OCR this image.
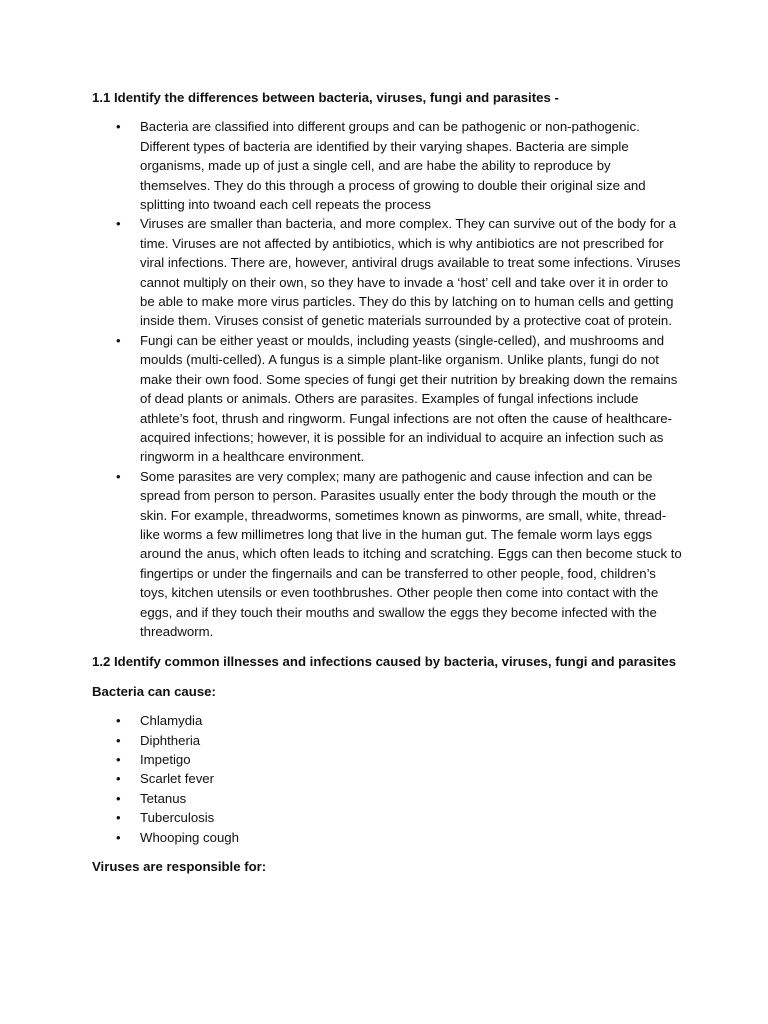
1.1 Identify the differences between bacteria, viruses, fungi and parasites -
•	Bacteria are classified into different groups and can be pathogenic or non-pathogenic. Different types of bacteria are identified by their varying shapes. Bacteria are simple organisms, made up of just a single cell, and are habe the ability to reproduce by themselves. They do this through a process of growing to double their original size and splitting into twoand each cell repeats the process
•	Viruses are smaller than bacteria, and more complex. They can survive out of the body for a time. Viruses are not affected by antibiotics, which is why antibiotics are not prescribed for viral infections. There are, however, antiviral drugs available to treat some infections. Viruses cannot multiply on their own, so they have to invade a ‘host’ cell and take over it in order to be able to make more virus particles. They do this by latching on to human cells and getting inside them. Viruses consist of genetic materials surrounded by a protective coat of protein.
•	Fungi can be either yeast or moulds, including yeasts (single-celled), and mushrooms and moulds (multi-celled). A fungus is a simple plant-like organism. Unlike plants, fungi do not make their own food. Some species of fungi get their nutrition by breaking down the remains of dead plants or animals. Others are parasites. Examples of fungal infections include athlete’s foot, thrush and ringworm. Fungal infections are not often the cause of healthcare-acquired infections; however, it is possible for an individual to acquire an infection such as ringworm in a healthcare environment.
•	Some parasites are very complex; many are pathogenic and cause infection and can be spread from person to person. Parasites usually enter the body through the mouth or the skin. For example, threadworms, sometimes known as pinworms, are small, white, thread-like worms a few millimetres long that live in the human gut. The female worm lays eggs around the anus, which often leads to itching and scratching. Eggs can then become stuck to fingertips or under the fingernails and can be transferred to other people, food, children’s toys, kitchen utensils or even toothbrushes. Other people then come into contact with the eggs, and if they touch their mouths and swallow the eggs they become infected with the threadworm.
1.2 Identify common illnesses and infections caused by bacteria, viruses, fungi and parasites
Bacteria can cause:
•	Chlamydia
•	Diphtheria
•	Impetigo
•	Scarlet fever
•	Tetanus
•	Tuberculosis
•	Whooping cough
Viruses are responsible for:
